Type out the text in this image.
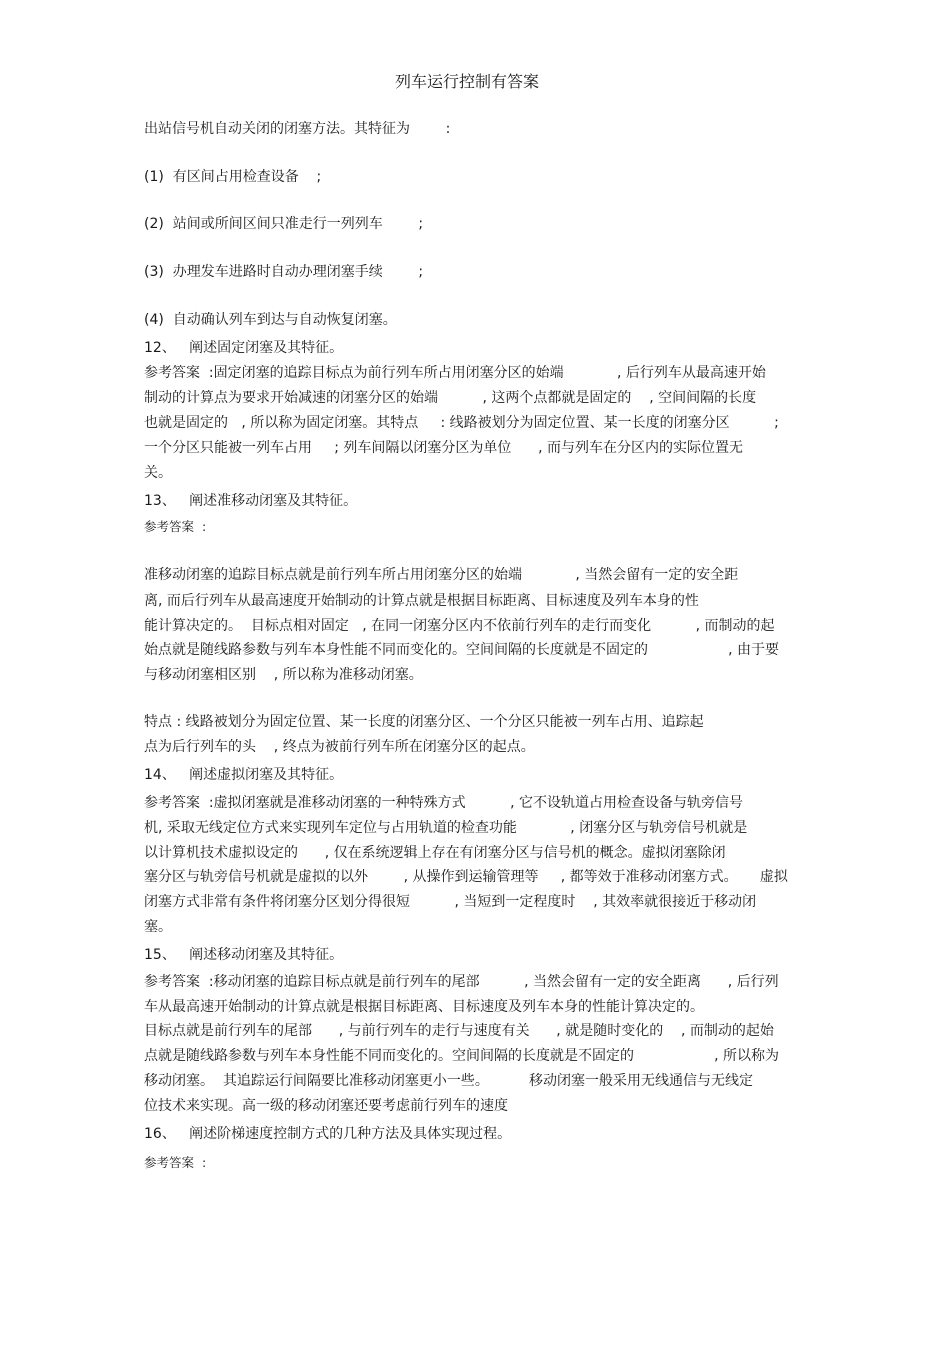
列车运行控制有答案

出站信号机自动关闭的闭塞方法。其特征为        :

(1)  有区间占用检查设备    ;

(2)  站间或所间区间只准走行一列列车        ;

(3)  办理发车进路时自动办理闭塞手续        ;

(4)  自动确认列车到达与自动恢复闭塞。

12、   阐述固定闭塞及其特征。

参考答案  :固定闭塞的追踪目标点为前行列车所占用闭塞分区的始端            , 后行列车从最高速开始

制动的计算点为要求开始减速的闭塞分区的始端          , 这两个点都就是固定的    , 空间间隔的长度

也就是固定的   , 所以称为固定闭塞。其特点     : 线路被划分为固定位置、某一长度的闭塞分区          ;

一个分区只能被一列车占用     ; 列车间隔以闭塞分区为单位      , 而与列车在分区内的实际位置无

关。

13、   阐述准移动闭塞及其特征。

参考答案  :

准移动闭塞的追踪目标点就是前行列车所占用闭塞分区的始端            , 当然会留有一定的安全距

离, 而后行列车从最高速度开始制动的计算点就是根据目标距离、目标速度及列车本身的性

能计算决定的。  目标点相对固定   , 在同一闭塞分区内不依前行列车的走行而变化          , 而制动的起

始点就是随线路参数与列车本身性能不同而变化的。空间间隔的长度就是不固定的                  , 由于要

与移动闭塞相区别    , 所以称为准移动闭塞。

特点 : 线路被划分为固定位置、某一长度的闭塞分区、一个分区只能被一列车占用、追踪起

点为后行列车的头    , 终点为被前行列车所在闭塞分区的起点。

14、   阐述虚拟闭塞及其特征。

参考答案  :虚拟闭塞就是准移动闭塞的一种特殊方式          , 它不设轨道占用检查设备与轨旁信号

机, 采取无线定位方式来实现列车定位与占用轨道的检查功能            , 闭塞分区与轨旁信号机就是

以计算机技术虚拟设定的      , 仅在系统逻辑上存在有闭塞分区与信号机的概念。虚拟闭塞除闭

塞分区与轨旁信号机就是虚拟的以外        , 从操作到运输管理等     , 都等效于准移动闭塞方式。     虚拟

闭塞方式非常有条件将闭塞分区划分得很短          , 当短到一定程度时    , 其效率就很接近于移动闭

塞。

15、   阐述移动闭塞及其特征。

参考答案  :移动闭塞的追踪目标点就是前行列车的尾部          , 当然会留有一定的安全距离      , 后行列

车从最高速开始制动的计算点就是根据目标距离、目标速度及列车本身的性能计算决定的。

目标点就是前行列车的尾部      , 与前行列车的走行与速度有关      , 就是随时变化的    , 而制动的起始

点就是随线路参数与列车本身性能不同而变化的。空间间隔的长度就是不固定的                  , 所以称为

移动闭塞。  其追踪运行间隔要比准移动闭塞更小一些。         移动闭塞一般采用无线通信与无线定

位技术来实现。高一级的移动闭塞还要考虑前行列车的速度

16、   阐述阶梯速度控制方式的几种方法及具体实现过程。

参考答案  :
